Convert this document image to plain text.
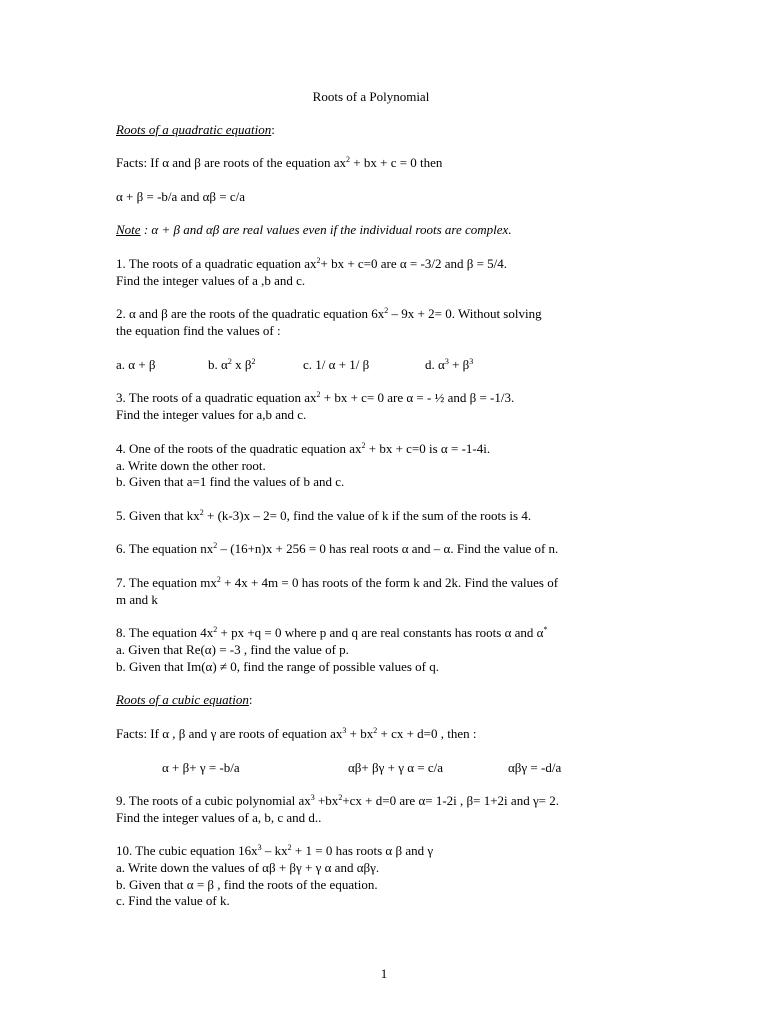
Roots of a Polynomial
Roots of a quadratic equation:
Facts: If α and β are roots of the equation $ax^2$ + bx + c = 0 then
α + β = -b/a and αβ = c/a
Note : α + β and αβ are real values even if the individual roots are complex.
1. The roots of a quadratic equation $ax^2+$ bx + c=0 are α = -3/2 and β = 5/4.
Find the integer values of a ,b and c.
2. α and β are the roots of the quadratic equation $6x^2 - 9x + 2= 0$. Without solving
the equation find the values of :
a. α + β	b. $\alpha^2$ x $\beta^2$	c. 1/ α + 1/ β	d. $\alpha^3 + \beta^3$
3. The roots of a quadratic equation $ax^2$ + bx + c= 0 are α = - ½ and β = -1/3.
Find the integer values for a,b and c.
4. One of the roots of the quadratic equation $ax^2$ + bx + c=0 is α = -1-4i.
a. Write down the other root.
b. Given that a=1 find the values of b and c.
5. Given that $kx^2 + (k-3)x - 2= 0$, find the value of k if the sum of the roots is 4.
6. The equation $nx^2 - (16+n)x + 256 = 0$ has real roots α and – α. Find the value of n.
7. The equation $mx^2 + 4x + 4m = 0$ has roots of the form k and 2k. Find the values of
m and k
8. The equation $4x^2$ + px +q = 0 where p and q are real constants has roots α and α*
a. Given that Re(α) = -3 , find the value of p.
b. Given that Im(α) ≠ 0, find the range of possible values of q.
Roots of a cubic equation:
Facts: If α , β and γ are roots of equation $ax^3 + bx^2$ + cx + d=0 , then :
α + β+ γ = -b/a	αβ+ βγ + γ α = c/a	αβγ = -d/a
9. The roots of a cubic polynomial $ax^3 +bx^2+cx + d=0$ are α= 1-2i , β= 1+2i and γ= 2.
Find the integer values of a, b, c and d..
10. The cubic equation $16x^3 - kx^2 + 1 = 0$ has roots α β and γ
a. Write down the values of αβ + βγ + γ α and αβγ.
b. Given that α = β , find the roots of the equation.
c. Find the value of k.
1
